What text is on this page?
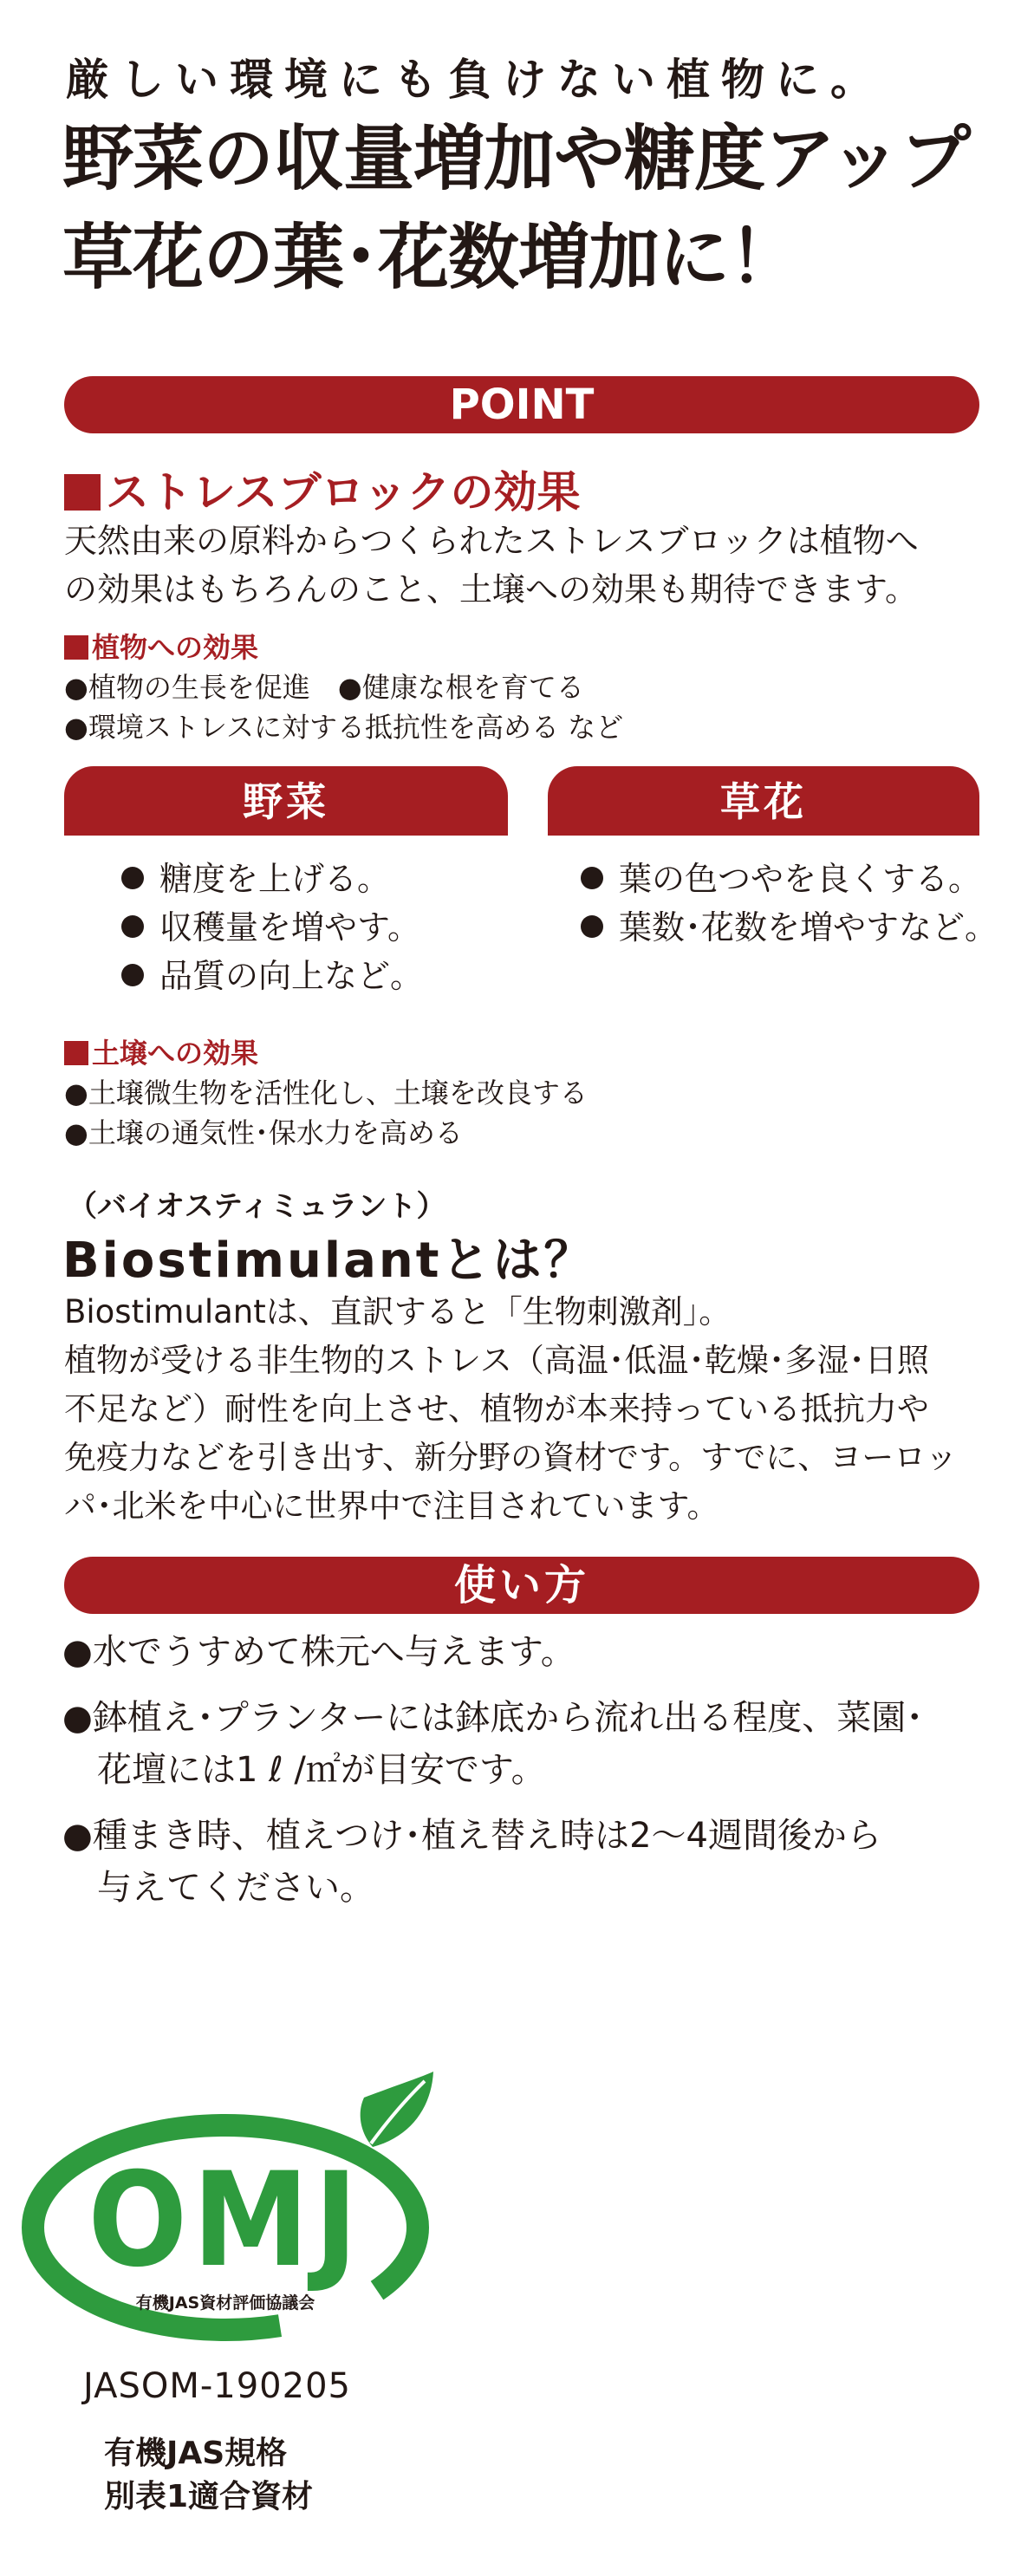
厳しい環境にも負けない植物に。
野菜の収量増加や糖度アップ
草花の葉･花数増加に！
POINT
ストレスブロックの効果
天然由来の原料からつくられたストレスブロックは植物へ
の効果はもちろんのこと、土壌への効果も期待できます。
植物への効果
●植物の生長を促進　●健康な根を育てる
●環境ストレスに対する抵抗性を高める など
野菜	草花
糖度を上げる。
収穫量を増やす。
品質の向上など。
葉の色つやを良くする。
葉数･花数を増やすなど。
土壌への効果
●土壌微生物を活性化し、土壌を改良する
●土壌の通気性･保水力を高める
（バイオスティミュラント）
Biostimulantとは？
Biostimulantは、直訳すると「生物刺激剤」。
植物が受ける非生物的ストレス（高温･低温･乾燥･多湿･日照
不足など）耐性を向上させ、植物が本来持っている抵抗力や
免疫力などを引き出す、新分野の資材です。すでに、ヨーロッ
パ･北米を中心に世界中で注目されています。
使い方
●水でうすめて株元へ与えます。
●鉢植え･プランターには鉢底から流れ出る程度、菜園･
　花壇には1 ℓ /㎡が目安です。
●種まき時、植えつけ･植え替え時は2～4週間後から
　与えてください。
OMJ
有機JAS資材評価協議会
JASOM-190205
有機JAS規格
別表1適合資材
